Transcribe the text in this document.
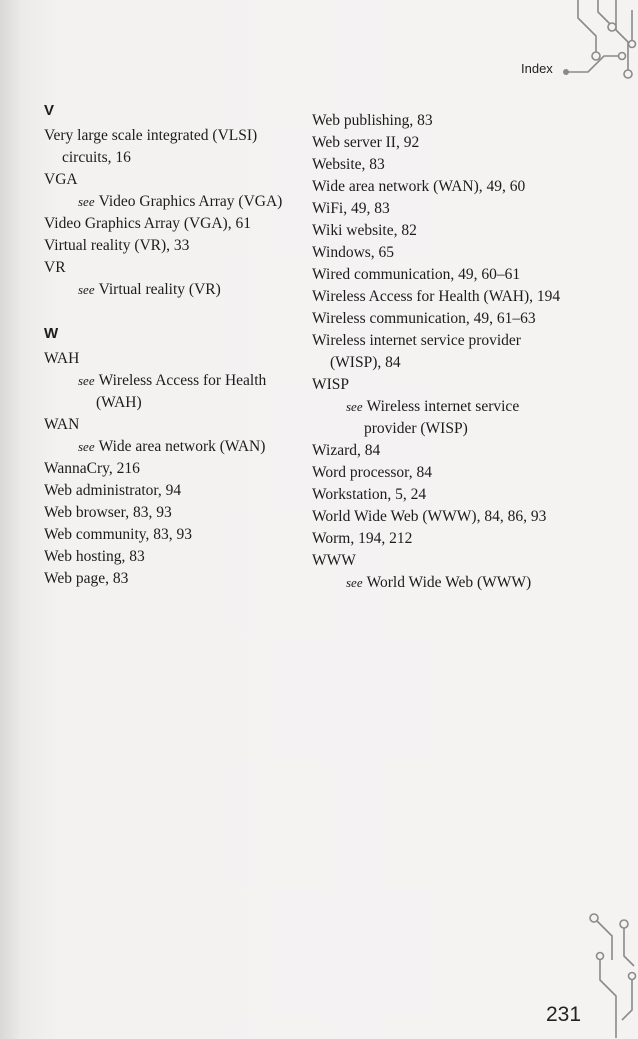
Index
V
Very large scale integrated (VLSI) circuits, 16
VGA
see Video Graphics Array (VGA)
Video Graphics Array (VGA), 61
Virtual reality (VR), 33
VR
see Virtual reality (VR)
W
WAH
see Wireless Access for Health (WAH)
WAN
see Wide area network (WAN)
WannaCry, 216
Web administrator, 94
Web browser, 83, 93
Web community, 83, 93
Web hosting, 83
Web page, 83
Web publishing, 83
Web server II, 92
Website, 83
Wide area network (WAN), 49, 60
WiFi, 49, 83
Wiki website, 82
Windows, 65
Wired communication, 49, 60–61
Wireless Access for Health (WAH), 194
Wireless communication, 49, 61–63
Wireless internet service provider (WISP), 84
WISP
see Wireless internet service provider (WISP)
Wizard, 84
Word processor, 84
Workstation, 5, 24
World Wide Web (WWW), 84, 86, 93
Worm, 194, 212
WWW
see World Wide Web (WWW)
231
